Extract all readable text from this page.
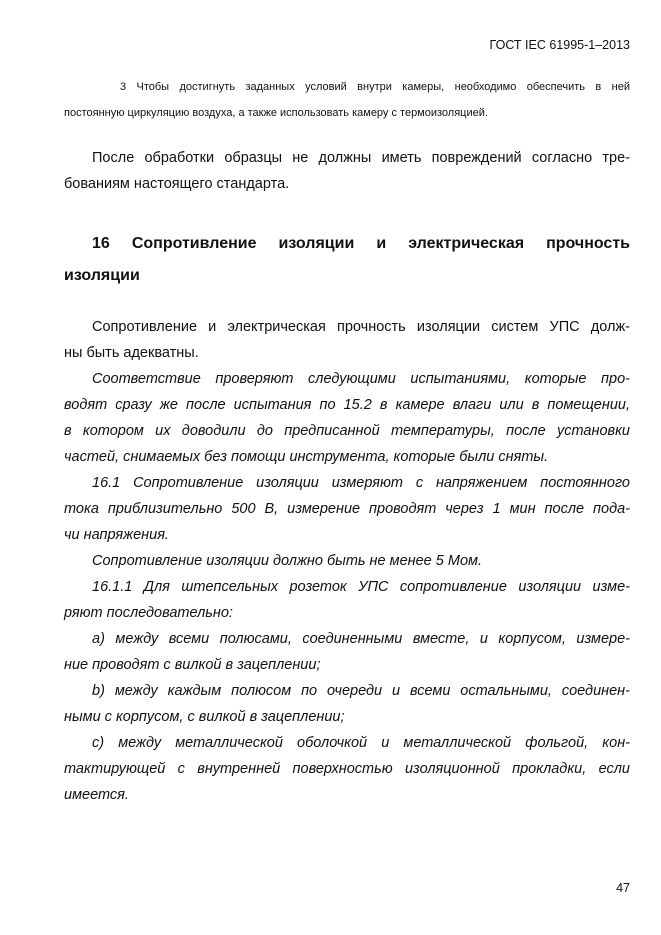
ГОСТ IEC 61995-1–2013
3 Чтобы достигнуть заданных условий внутри камеры, необходимо обеспечить в ней
постоянную циркуляцию воздуха, а также использовать камеру с термоизоляцией.
После обработки образцы не должны иметь повреждений согласно тре-
бованиям настоящего стандарта.
16 Сопротивление изоляции и электрическая прочность
изоляции
Сопротивление и электрическая прочность изоляции систем УПС долж-
ны быть адекватны.
Соответствие проверяют следующими испытаниями, которые про-
водят сразу же после испытания по 15.2 в камере влаги или в помещении,
в котором их доводили до предписанной температуры, после установки
частей, снимаемых без помощи инструмента, которые были сняты.
16.1 Сопротивление изоляции измеряют с напряжением постоянного
тока приблизительно 500 В, измерение проводят через 1 мин после пода-
чи напряжения.
Сопротивление изоляции должно быть не менее 5 Мом.
16.1.1 Для штепсельных розеток УПС сопротивление изоляции изме-
ряют последовательно:
а) между всеми полюсами, соединенными вместе, и корпусом, измере-
ние проводят с вилкой в зацеплении;
b) между каждым полюсом по очереди и всеми остальными, соединен-
ными с корпусом, с вилкой в зацеплении;
с) между металлической оболочкой и металлической фольгой, кон-
тактирующей с внутренней поверхностью изоляционной прокладки, если
имеется.
47
